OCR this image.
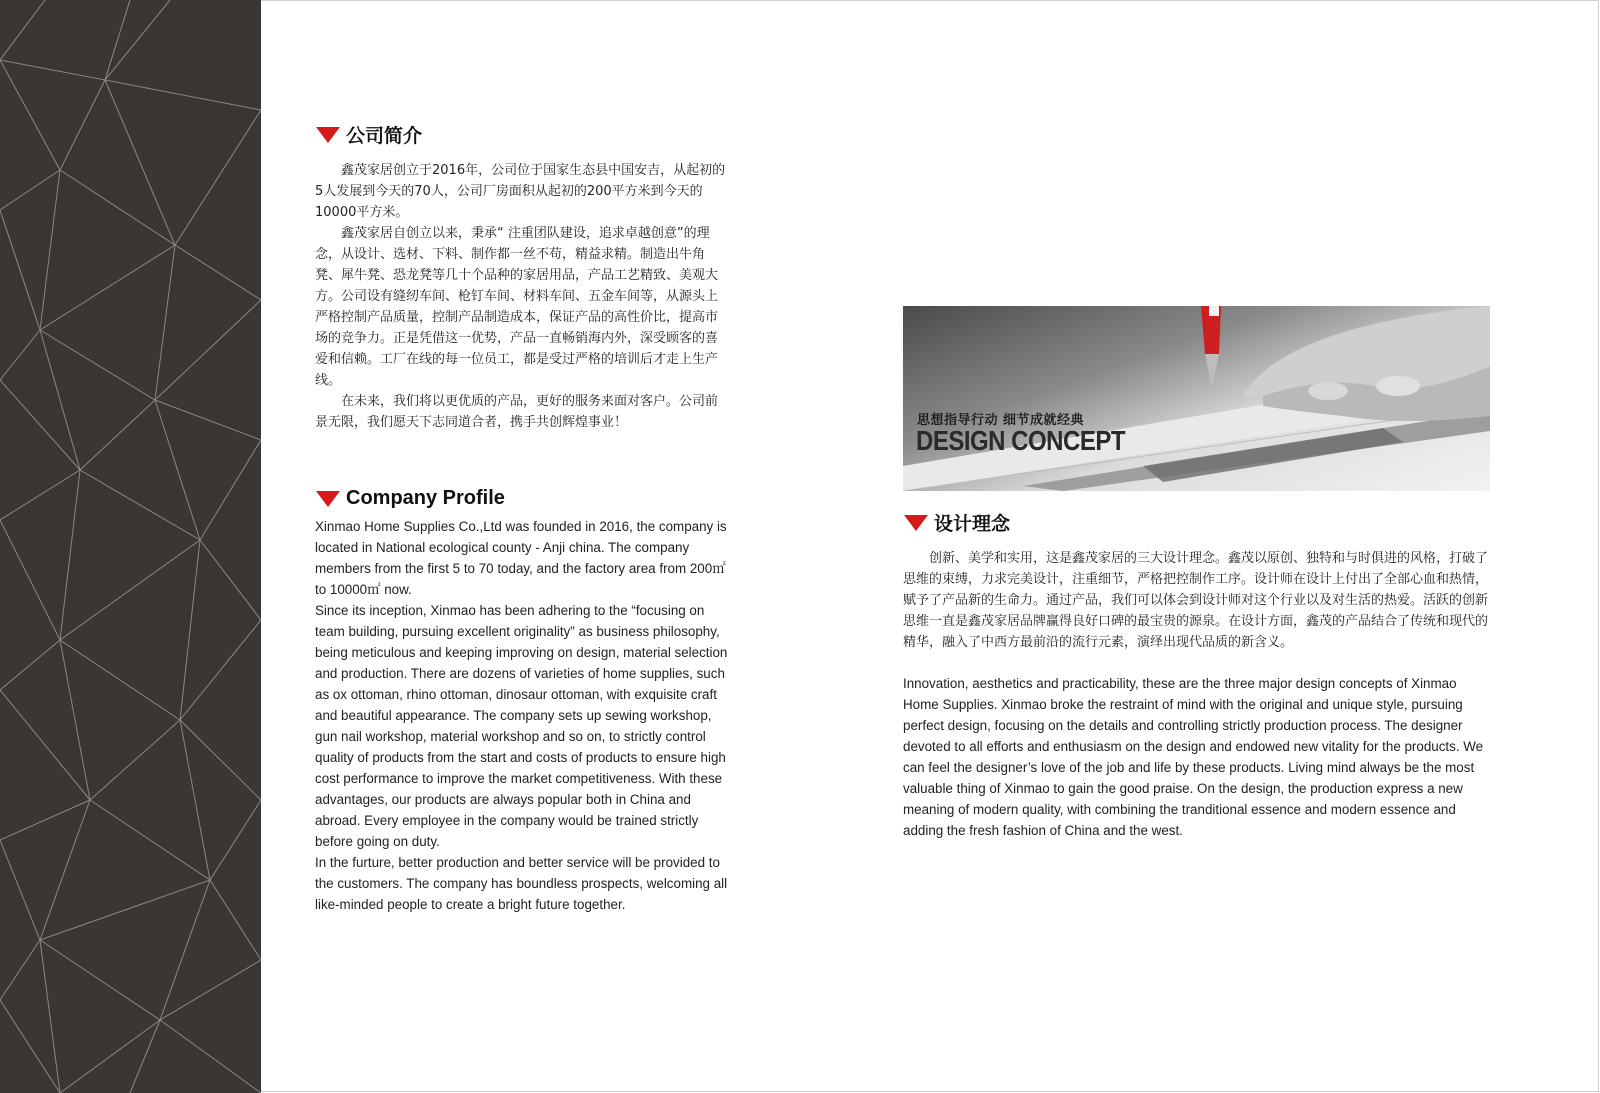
公司简介

鑫茂家居创立于2016年，公司位于国家生态县中国安吉，从起初的5人发展到今天的70人，公司厂房面积从起初的200平方米到今天的10000平方米。

鑫茂家居自创立以来，秉承“ 注重团队建设，追求卓越创意”的理念，从设计、选材、下料、制作都一丝不苟，精益求精。制造出牛角凳、犀牛凳、恐龙凳等几十个品种的家居用品，产品工艺精致、美观大方。公司设有缝纫车间、枪钉车间、材料车间、五金车间等，从源头上严格控制产品质量，控制产品制造成本，保证产品的高性价比，提高市场的竞争力。正是凭借这一优势，产品一直畅销海内外，深受顾客的喜爱和信赖。工厂在线的每一位员工，都是受过严格的培训后才走上生产线。

在未来，我们将以更优质的产品，更好的服务来面对客户。公司前景无限，我们愿天下志同道合者，携手共创辉煌事业！

Company Profile

Xinmao Home Supplies Co.,Ltd was founded in 2016, the company is located in National ecological county - Anji china. The company members from the first 5 to 70 today, and the factory area from 200㎡ to 10000㎡ now.

Since its inception, Xinmao has been adhering to the “focusing on team building, pursuing excellent originality” as business philosophy, being meticulous and keeping improving on design, material selection and production. There are dozens of varieties of home supplies, such as ox ottoman, rhino ottoman, dinosaur ottoman, with exquisite craft and beautiful appearance. The company sets up sewing workshop, gun nail workshop, material workshop and so on, to strictly control quality of products from the start and costs of products to ensure high cost performance to improve the market competitiveness. With these advantages, our products are always popular both in China and abroad. Every employee in the company would be trained strictly before going on duty.

In the furture, better production and better service will be provided to the customers. The company has boundless prospects, welcoming all like-minded people to create a bright future together.

思想指导行动 细节成就经典
DESIGN CONCEPT
设计理念

创新、美学和实用，这是鑫茂家居的三大设计理念。鑫茂以原创、独特和与时俱进的风格，打破了思维的束缚，力求完美设计，注重细节，严格把控制作工序。设计师在设计上付出了全部心血和热情，赋予了产品新的生命力。通过产品，我们可以体会到设计师对这个行业以及对生活的热爱。活跃的创新思维一直是鑫茂家居品牌赢得良好口碑的最宝贵的源泉。在设计方面，鑫茂的产品结合了传统和现代的精华，融入了中西方最前沿的流行元素，演绎出现代品质的新含义。

Innovation, aesthetics and practicability, these are the three major design concepts of Xinmao Home Supplies. Xinmao broke the restraint of mind with the original and unique style, pursuing perfect design, focusing on the details and controlling strictly production process. The designer devoted to all efforts and enthusiasm on the design and endowed new vitality for the products. We can feel the designer’s love of the job and life by these products. Living mind always be the most valuable thing of Xinmao to gain the good praise. On the design, the production express a new meaning of modern quality, with combining the tranditional essence and modern essence and adding the fresh fashion of China and the west.
